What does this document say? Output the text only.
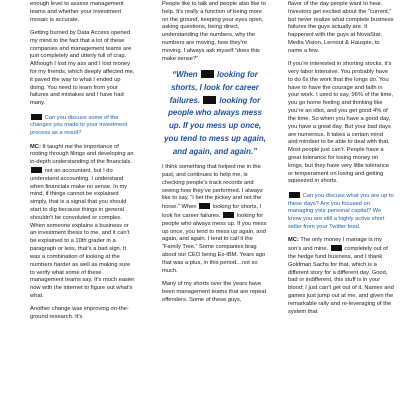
enough level to assess management teams and whether your investment mosaic is accurate.

Getting burned by Data Access opened my mind to the fact that a lot of these companies and management teams are just completely and utterly full of crap. Although I lost my ass and I lost money for my friends, which deeply affected me, it paved the way to what I ended up doing. You need to learn from your failures and mistakes and I have had many.

Can you discuss some of the changes you made to your investment process as a result?

MC: It taught me the importance of rooting through filings and developing an in-depth understanding of the financials.  not an accountant, but I do understand accounting. I understand when financials make no sense. In my mind, if things cannot be explained simply, that is a signal that you should start to dig because things in general shouldn’t be convoluted or complex. When someone explains a business or an investment thesis to me, and it can’t be explained to a 10th grader in a paragraph or less, that’s a bad sign. It was a combination of looking at the numbers harder as well as making sure to verify what some of these management teams say. It’s much easier now with the internet to figure out what’s what.

Another change was improving on-the-ground research. It’s

People like to talk and people also like to help. It’s really a function of being more on the ground, keeping your eyes open, asking questions, being direct, understanding the numbers, why the numbers are moving, how they’re moving. I always ask myself “does this make sense?”

“When  looking for shorts, I look for career failures.  looking for people who always mess up. If you mess up once, you tend to mess up again, and again, and again.”

I think something that helped me in the past, and continues to help me, is checking people’s track records and seeing how they’ve performed. I always like to say, “I bet the jockey and not the horse.” When  looking for shorts, I look for career failures.  looking for people who always mess up. If you mess up once, you tend to mess up again, and again, and again. I tend to call it the “Family Tree.” Some companies brag about our CEO being Ex-IBM. Years ago that was a plus, in this period…not so much.

Many of my shorts over the years have been management teams that are repeat offenders. Some of these guys,

flavor of the day people want to hear. Investors get excited about the “current,” but never realize what complete business failures the guys actually are. It happened with the guys at NovaStar, Media Vision, Lernout & Hauspie, to name a few.

If you’re interested in shorting stocks, it’s very labor intensive. You probably have to do 6x the work that the longs do. You have to have the courage and faith in your work. I used to say, 96% of the time, you go home feeling and thinking like you’re an idiot, and you get good 4% of the time. So when you have a good day, you have a great day. But your bad days are numerous. It takes a certain mind and mindset to be able to deal with that. Most people just can’t. People have a great tolerance for losing money on longs, but they have very little tolerance or temperament on losing and getting squeezed in shorts.

Can you discuss what you are up to these days? Are you focused on managing your personal capital? We know you are still a highly active short seller from your Twitter feed.

MC: The only money I manage is my son’s and mine.  completely out of the hedge fund business, and I thank Goldman Sachs for that, which is a different story for a different day. Good, bad or indifferent, this stuff is in your blood; I just can’t get out of it. Names and games just jump out at me, and given the remarkable rally and re-leveraging of the system that
